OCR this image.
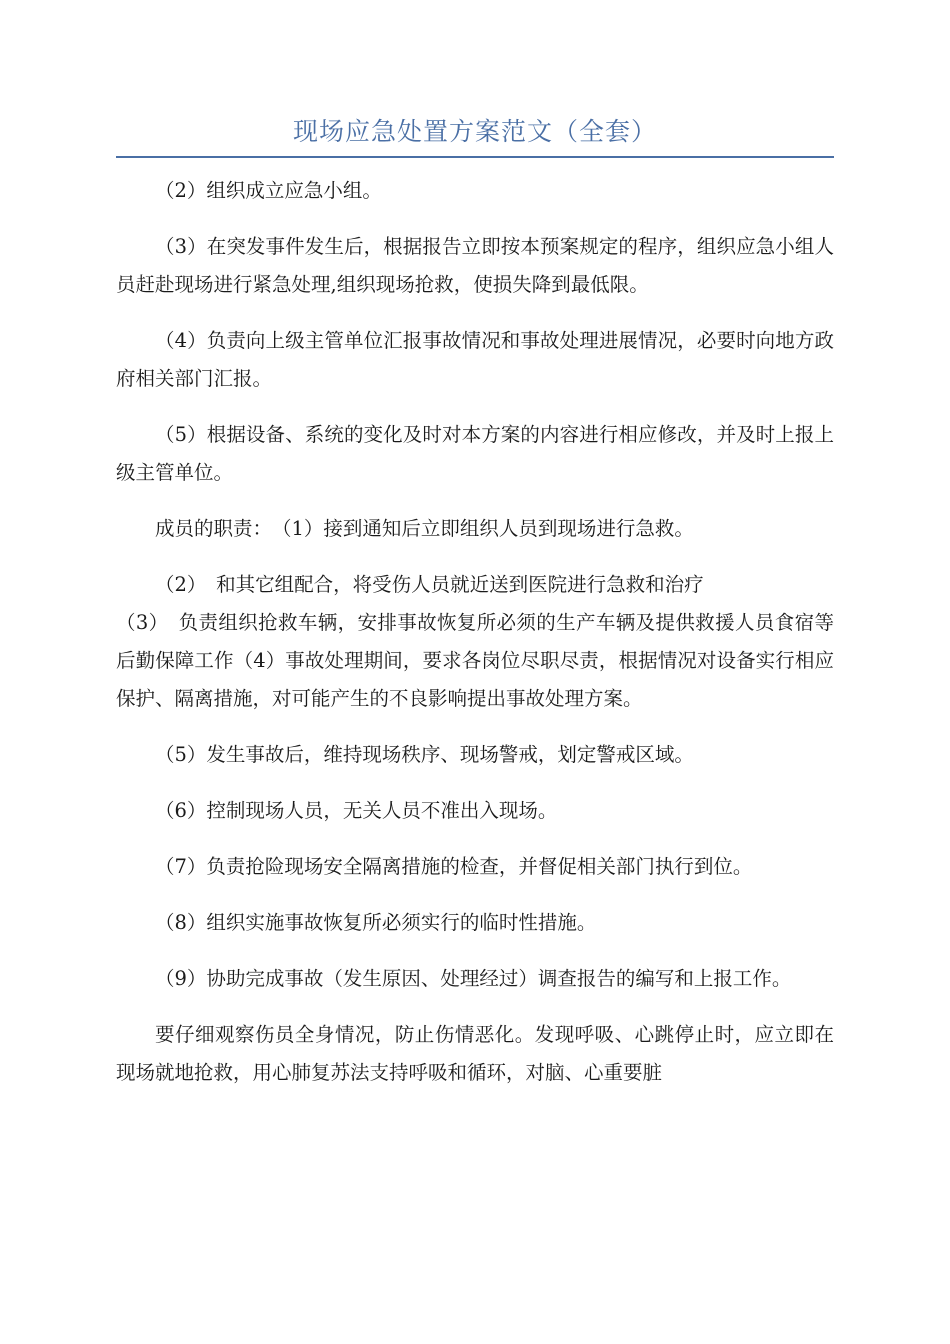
现场应急处置方案范文（全套）

（2）组织成立应急小组。

（3）在突发事件发生后，根据报告立即按本预案规定的程序，组织应急小组人员赶赴现场进行紧急处理,组织现场抢救，使损失降到最低限。

（4）负责向上级主管单位汇报事故情况和事故处理进展情况，必要时向地方政府相关部门汇报。

（5）根据设备、系统的变化及时对本方案的内容进行相应修改，并及时上报上级主管单位。

成员的职责：　（1）接到通知后立即组织人员到现场进行急救。

（2）　和其它组配合，将受伤人员就近送到医院进行急救和治疗

（3）　负责组织抢救车辆，安排事故恢复所必须的生产车辆及提供救援人员食宿等后勤保障工作（4）事故处理期间，要求各岗位尽职尽责，根据情况对设备实行相应保护、隔离措施，对可能产生的不良影响提出事故处理方案。

（5）发生事故后，维持现场秩序、现场警戒，划定警戒区域。

（6）控制现场人员，无关人员不准出入现场。

（7）负责抢险现场安全隔离措施的检查，并督促相关部门执行到位。

（8）组织实施事故恢复所必须实行的临时性措施。

（9）协助完成事故（发生原因、处理经过）调查报告的编写和上报工作。

要仔细观察伤员全身情况，防止伤情恶化。发现呼吸、心跳停止时，应立即在现场就地抢救，用心肺复苏法支持呼吸和循环，对脑、心重要脏
